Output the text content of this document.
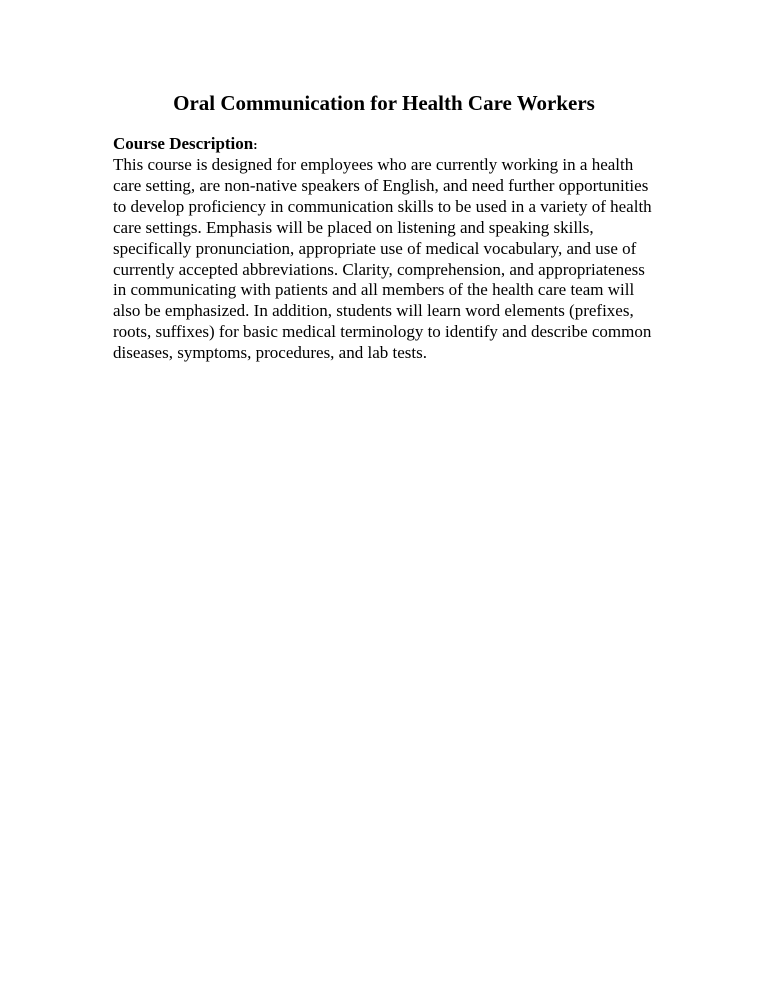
Oral Communication for Health Care Workers

Course Description:

This course is designed for employees who are currently working in a health care setting, are non-native speakers of English, and need further opportunities to develop proficiency in communication skills to be used in a variety of health care settings. Emphasis will be placed on listening and speaking skills, specifically pronunciation, appropriate use of medical vocabulary, and use of currently accepted abbreviations. Clarity, comprehension, and appropriateness in communicating with patients and all members of the health care team will also be emphasized. In addition, students will learn word elements (prefixes, roots, suffixes) for basic medical terminology to identify and describe common diseases, symptoms, procedures, and lab tests.
